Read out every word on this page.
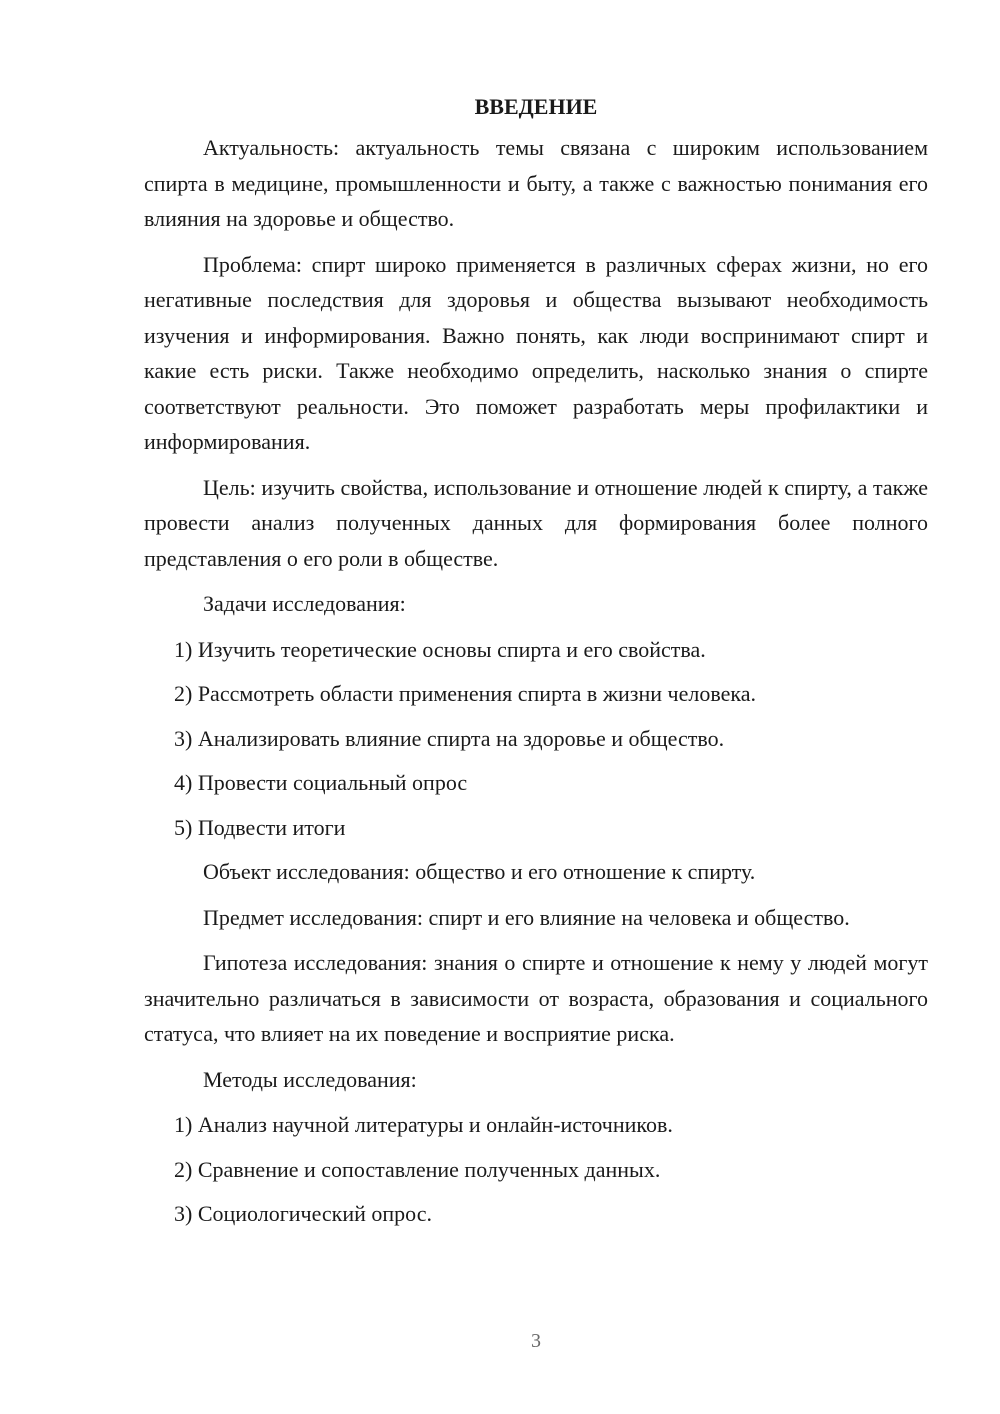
ВВЕДЕНИЕ

Актуальность: актуальность темы связана с широким использованием спирта в медицине, промышленности и быту, а также с важностью понимания его влияния на здоровье и общество.

Проблема: спирт широко применяется в различных сферах жизни, но его негативные последствия для здоровья и общества вызывают необходимость изучения и информирования. Важно понять, как люди воспринимают спирт и какие есть риски. Также необходимо определить, насколько знания о спирте соответствуют реальности. Это поможет разработать меры профилактики и информирования.

Цель: изучить свойства, использование и отношение людей к спирту, а также провести анализ полученных данных для формирования более полного представления о его роли в обществе.

Задачи исследования:
1) Изучить теоретические основы спирта и его свойства.
2) Рассмотреть области применения спирта в жизни человека.
3) Анализировать влияние спирта на здоровье и общество.
4) Провести социальный опрос
5) Подвести итоги

Объект исследования: общество и его отношение к спирту.

Предмет исследования: спирт и его влияние на человека и общество.

Гипотеза исследования: знания о спирте и отношение к нему у людей могут значительно различаться в зависимости от возраста, образования и социального статуса, что влияет на их поведение и восприятие риска.

Методы исследования:
1) Анализ научной литературы и онлайн-источников.
2) Сравнение и сопоставление полученных данных.
3) Социологический опрос.
3
